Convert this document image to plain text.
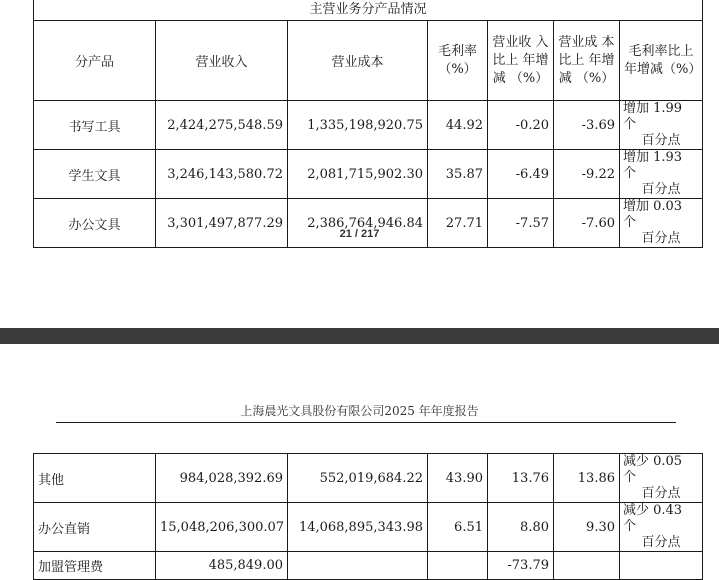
主营业务分产品情况						
分产品	营业收入	营业成本	毛利率 （%）	营业收 入比上 年增减 （%）	营业成 本比上 年增减 （%）	毛利率比上 年增减（%）
书写工具	2,424,275,548.59	1,335,198,920.75	44.92	-0.20	-3.69	增加 1.99 个
百分点

学生文具	3,246,143,580.72	2,081,715,902.30	35.87	-6.49	-9.22	增加 1.93 个
百分点

办公文具	3,301,497,877.29	2,386,764,946.84	27.71	-7.57	-7.60	增加 0.03 个
百分点
21 / 217
上海晨光文具股份有限公司2025 年年度报告
其他	984,028,392.69	552,019,684.22	43.90	13.76	13.86	减少 0.05 个
百分点

办公直销	15,048,206,300.07	14,068,895,343.98	6.51	8.80	9.30	减少 0.43 个
百分点

加盟管理费	485,849.00			-73.79		
